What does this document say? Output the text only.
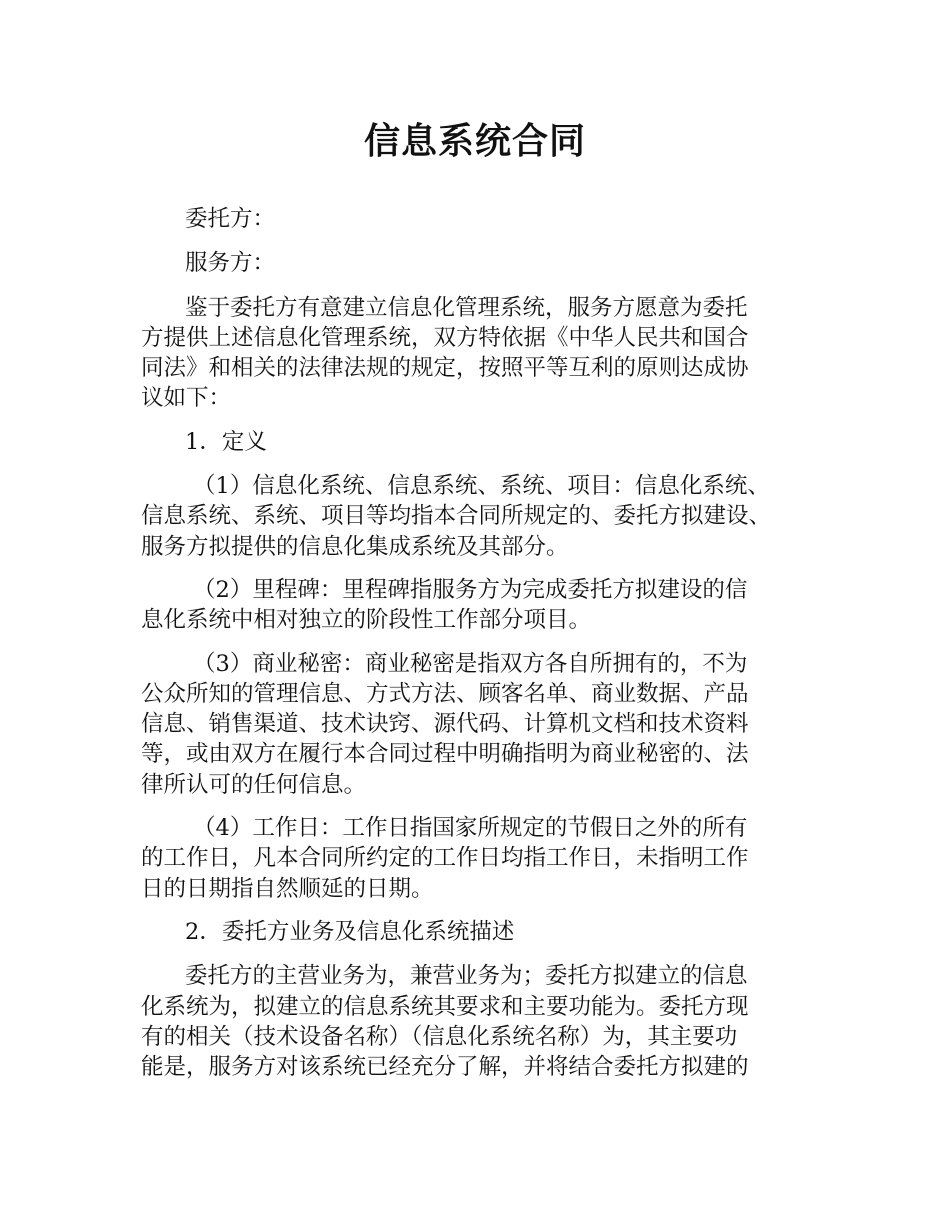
信息系统合同
委托方：
服务方：
鉴于委托方有意建立信息化管理系统，服务方愿意为委托
方提供上述信息化管理系统，双方特依据《中华人民共和国合
同法》和相关的法律法规的规定，按照平等互利的原则达成协
议如下：
1．定义
（1）信息化系统、信息系统、系统、项目：信息化系统、
信息系统、系统、项目等均指本合同所规定的、委托方拟建设、
服务方拟提供的信息化集成系统及其部分。
（2）里程碑：里程碑指服务方为完成委托方拟建设的信
息化系统中相对独立的阶段性工作部分项目。
（3）商业秘密：商业秘密是指双方各自所拥有的，不为
公众所知的管理信息、方式方法、顾客名单、商业数据、产品
信息、销售渠道、技术诀窍、源代码、计算机文档和技术资料
等，或由双方在履行本合同过程中明确指明为商业秘密的、法
律所认可的任何信息。
（4）工作日：工作日指国家所规定的节假日之外的所有
的工作日，凡本合同所约定的工作日均指工作日，未指明工作
日的日期指自然顺延的日期。
2．委托方业务及信息化系统描述
委托方的主营业务为，兼营业务为；委托方拟建立的信息
化系统为，拟建立的信息系统其要求和主要功能为。委托方现
有的相关（技术设备名称）（信息化系统名称）为，其主要功
能是，服务方对该系统已经充分了解，并将结合委托方拟建的
